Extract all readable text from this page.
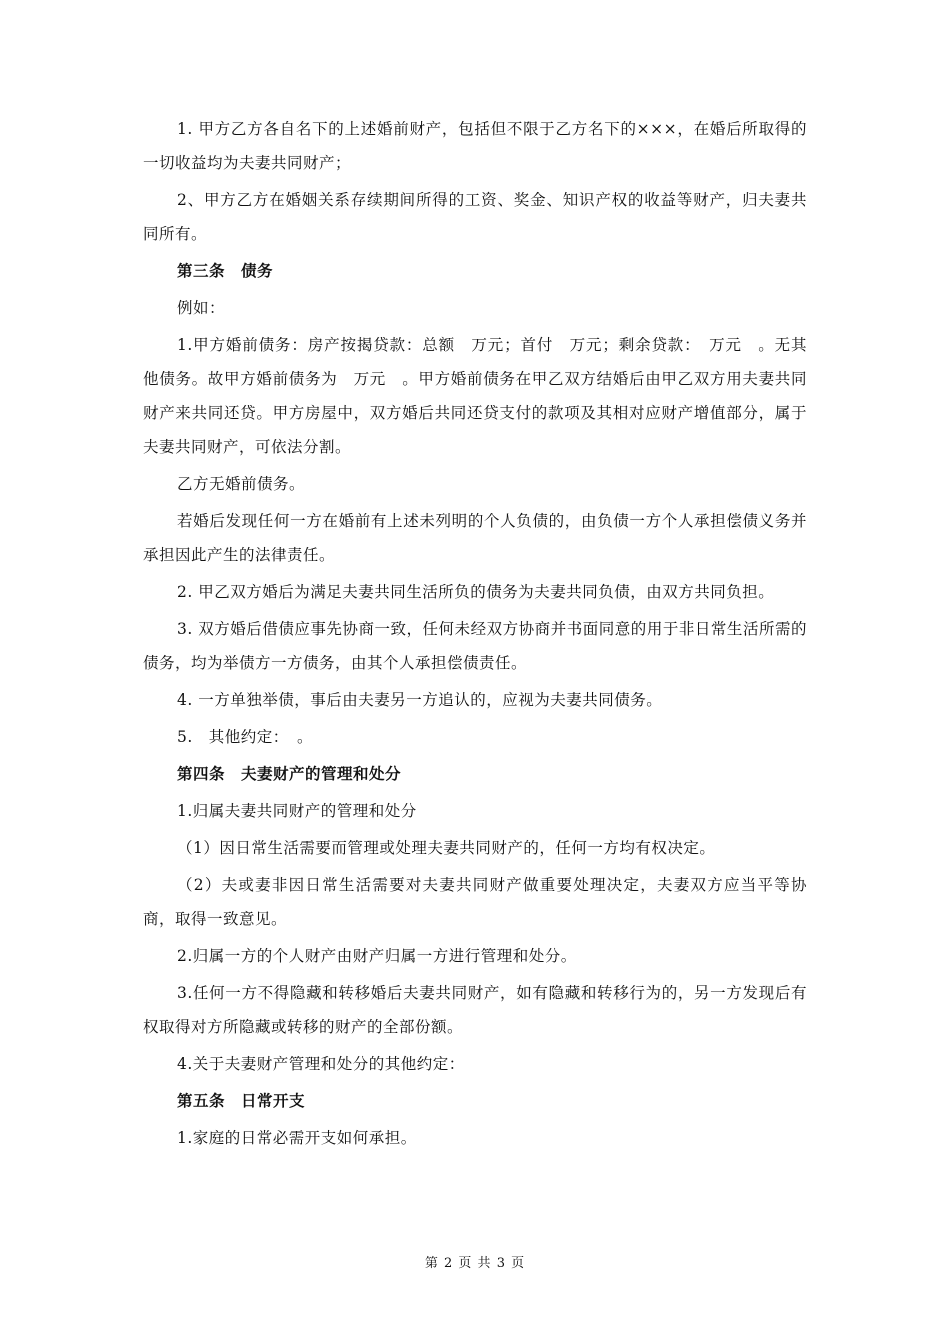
1. 甲方乙方各自名下的上述婚前财产，包括但不限于乙方名下的×××，在婚后所取得的一切收益均为夫妻共同财产；

2、甲方乙方在婚姻关系存续期间所得的工资、奖金、知识产权的收益等财产，归夫妻共同所有。

第三条　债务

例如：

1.甲方婚前债务：房产按揭贷款：总额　万元；首付　万元；剩余贷款：　万元　。无其他债务。故甲方婚前债务为　万元　。甲方婚前债务在甲乙双方结婚后由甲乙双方用夫妻共同财产来共同还贷。甲方房屋中，双方婚后共同还贷支付的款项及其相对应财产增值部分，属于夫妻共同财产，可依法分割。

乙方无婚前债务。

若婚后发现任何一方在婚前有上述未列明的个人负债的，由负债一方个人承担偿债义务并承担因此产生的法律责任。

2. 甲乙双方婚后为满足夫妻共同生活所负的债务为夫妻共同负债，由双方共同负担。

3. 双方婚后借债应事先协商一致，任何未经双方协商并书面同意的用于非日常生活所需的债务，均为举债方一方债务，由其个人承担偿债责任。

4. 一方单独举债，事后由夫妻另一方追认的，应视为夫妻共同债务。

5.　其他约定：　。

第四条　夫妻财产的管理和处分

1.归属夫妻共同财产的管理和处分

（1）因日常生活需要而管理或处理夫妻共同财产的，任何一方均有权决定。

（2）夫或妻非因日常生活需要对夫妻共同财产做重要处理决定，夫妻双方应当平等协商，取得一致意见。

2.归属一方的个人财产由财产归属一方进行管理和处分。

3.任何一方不得隐藏和转移婚后夫妻共同财产，如有隐藏和转移行为的，另一方发现后有权取得对方所隐藏或转移的财产的全部份额。

4.关于夫妻财产管理和处分的其他约定：

第五条　日常开支

1.家庭的日常必需开支如何承担。

第 2 页 共 3 页
